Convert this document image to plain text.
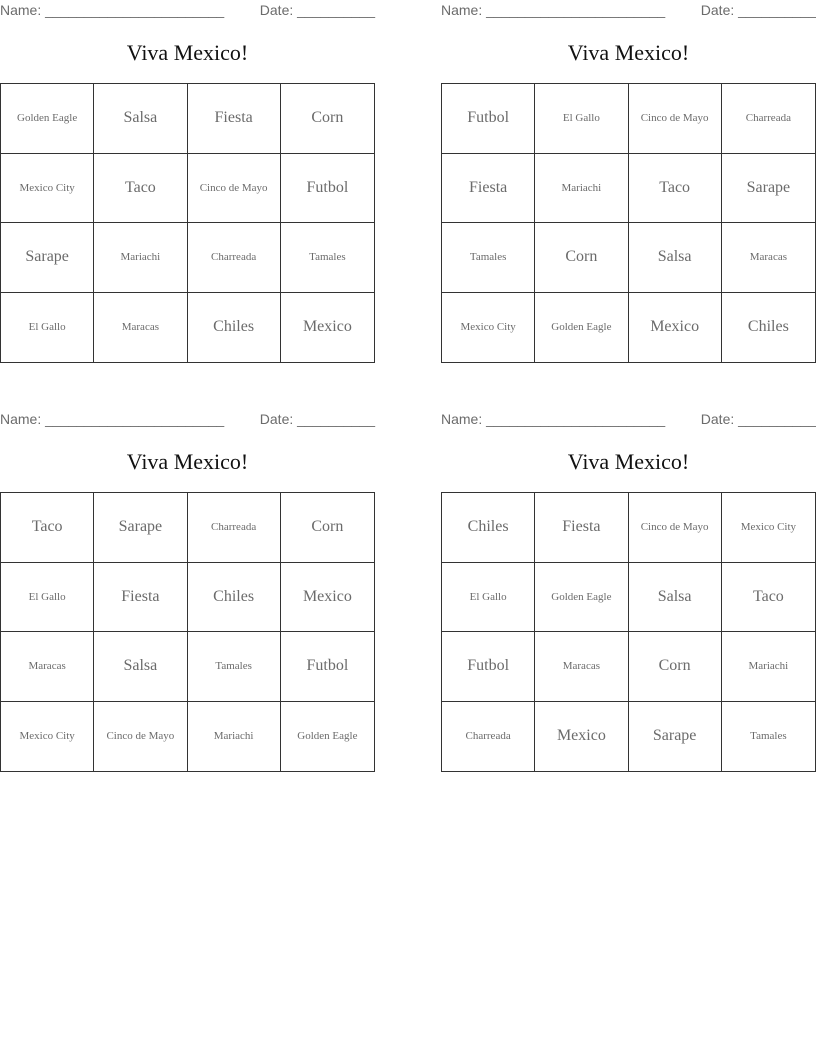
Name: _______________________	Date: __________
Viva Mexico!
Golden Eagle	Salsa	Fiesta	Corn
Mexico City	Taco	Cinco de Mayo	Futbol
Sarape	Mariachi	Charreada	Tamales
El Gallo	Maracas	Chiles	Mexico
Name: _______________________	Date: __________
Viva Mexico!
Futbol	El Gallo	Cinco de Mayo	Charreada
Fiesta	Mariachi	Taco	Sarape
Tamales	Corn	Salsa	Maracas
Mexico City	Golden Eagle	Mexico	Chiles
Name: _______________________	Date: __________
Viva Mexico!
Taco	Sarape	Charreada	Corn
El Gallo	Fiesta	Chiles	Mexico
Maracas	Salsa	Tamales	Futbol
Mexico City	Cinco de Mayo	Mariachi	Golden Eagle
Name: _______________________	Date: __________
Viva Mexico!
Chiles	Fiesta	Cinco de Mayo	Mexico City
El Gallo	Golden Eagle	Salsa	Taco
Futbol	Maracas	Corn	Mariachi
Charreada	Mexico	Sarape	Tamales
